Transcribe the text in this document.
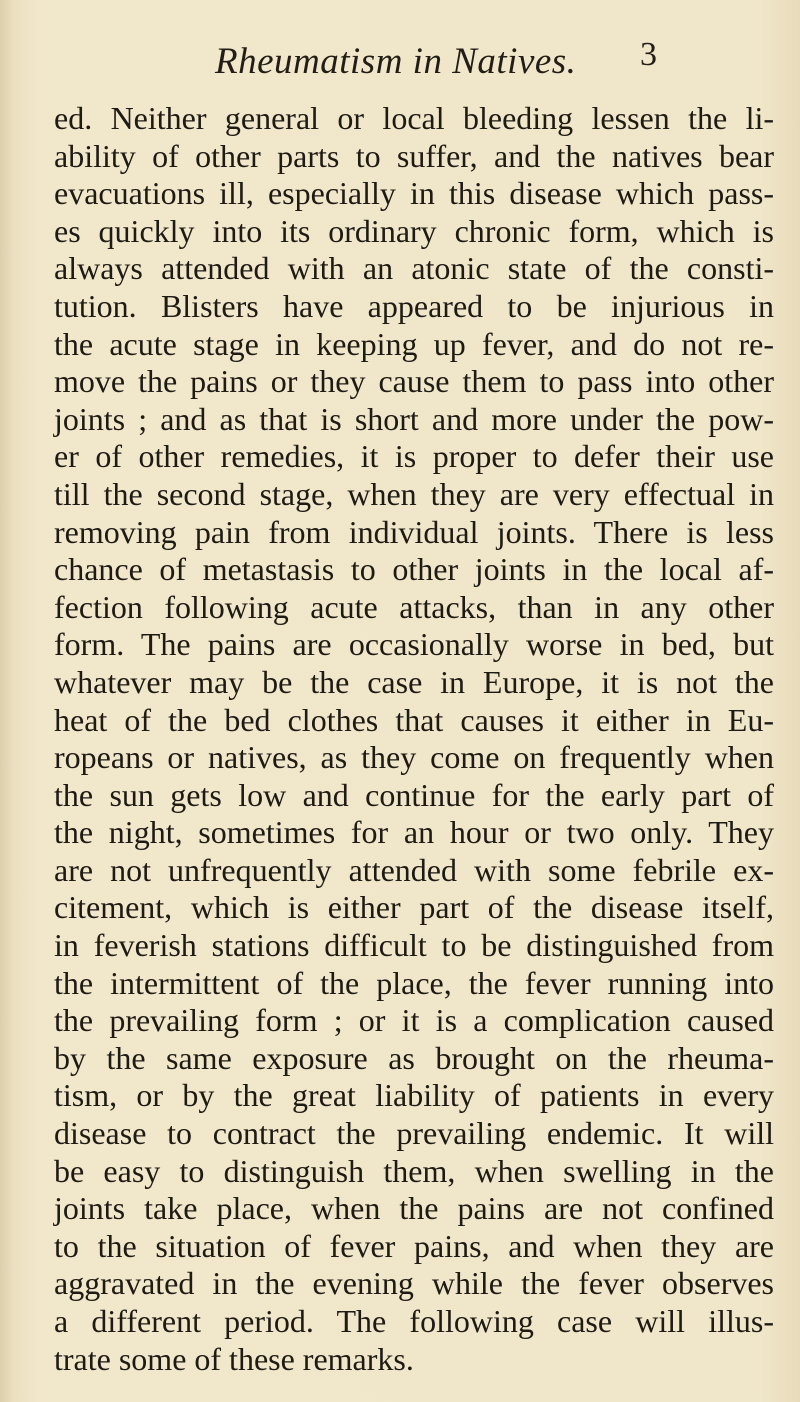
Rheumatism in Natives. 3
ed. Neither general or local bleeding lessen the li-
ability of other parts to suffer, and the natives bear
evacuations ill, especially in this disease which pass-
es quickly into its ordinary chronic form, which is
always attended with an atonic state of the consti-
tution. Blisters have appeared to be injurious in
the acute stage in keeping up fever, and do not re-
move the pains or they cause them to pass into other
joints ; and as that is short and more under the pow-
er of other remedies, it is proper to defer their use
till the second stage, when they are very effectual in
removing pain from individual joints. There is less
chance of metastasis to other joints in the local af-
fection following acute attacks, than in any other
form. The pains are occasionally worse in bed, but
whatever may be the case in Europe, it is not the
heat of the bed clothes that causes it either in Eu-
ropeans or natives, as they come on frequently when
the sun gets low and continue for the early part of
the night, sometimes for an hour or two only. They
are not unfrequently attended with some febrile ex-
citement, which is either part of the disease itself,
in feverish stations difficult to be distinguished from
the intermittent of the place, the fever running into
the prevailing form ; or it is a complication caused
by the same exposure as brought on the rheuma-
tism, or by the great liability of patients in every
disease to contract the prevailing endemic. It will
be easy to distinguish them, when swelling in the
joints take place, when the pains are not confined
to the situation of fever pains, and when they are
aggravated in the evening while the fever observes
a different period. The following case will illus-
trate some of these remarks.
